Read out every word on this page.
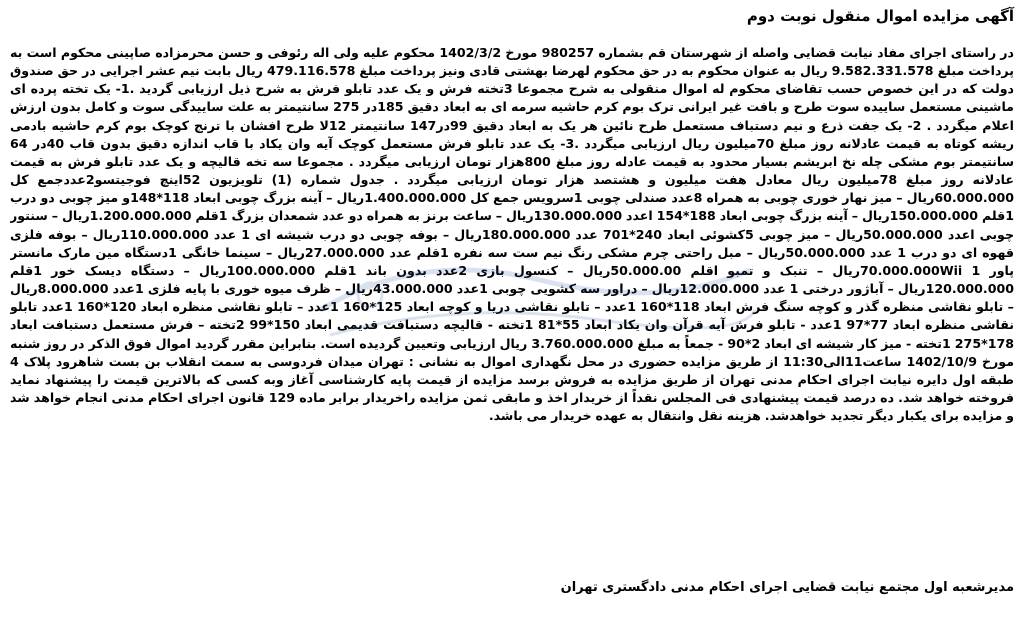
آگهی مزایده اموال منقول نوبت دوم

در راستای اجرای مفاد نیابت قضایی واصله از شهرستان قم بشماره 980257 مورخ 1402/3/2 محکوم علیه ولی اله رئوفی و حسن محرمزاده صاپینی محکوم است به پرداخت مبلغ 9.582.331.578 ریال به عنوان محکوم به در حق محکوم لهرضا بهشتی قادی ونیز پرداخت مبلغ 479.116.578 ریال بابت نیم عشر اجرایی در حق صندوق دولت که در این خصوص حسب تقاضای محکوم له اموال منقولی به شرح مجموعا 3تخته فرش و یک عدد تابلو فرش به شرح ذیل ارزیابی گردید .1- یک تخته پرده ای ماشینی مستعمل ساییده سوت طرح و بافت غیر ایرانی ترک بوم کرم حاشیه سرمه ای به ابعاد دقیق 185در 275 سانتیمتر به علت ساییدگی سوت و کامل بدون ارزش اعلام میگردد . 2- یک جفت ذرع و نیم دستباف مستعمل طرح نائین هر یک به ابعاد دقیق 99در147 سانتیمتر 12لا طرح افشان با ترنج کوچک بوم کرم حاشیه بادمی ریشه کوتاه به قیمت عادلانه روز مبلغ 70میلیون ریال ارزیابی میگردد .3- یک عدد تابلو فرش مستعمل کوچک آیه وان یکاد با قاب اندازه دقیق بدون قاب 40در 64 سانتیمتر بوم مشکی چله نخ ابریشم بسیار محدود به قیمت عادله روز مبلغ 800هزار تومان ارزیابی میگردد . مجموعا سه تخه قالیچه و یک عدد تابلو فرش به قیمت عادلانه روز مبلغ 78میلیون ریال معادل هفت میلیون و هشتصد هزار تومان ارزیابی میگردد . جدول شماره (1) تلویزیون 52اینچ فوجیتسو2عددجمع کل 60.000.000ریال – میز نهار خوری چوبی به همراه 8عدد صندلی چوبی 1سرویس جمع کل 1.400.000.000ریال – آینه بزرگ چوبی ابعاد 118*148و میز چوبی دو درب 1قلم 150.000.000ریال – آینه بزرگ چوبی ابعاد 188*154 اعدد 130.000.000ریال – ساعت برنز به همراه دو عدد شمعدان بزرگ 1قلم 1.200.000.000ریال – سنتور چوبی اعدد 50.000.000ریال – میز چوبی 5کشوئی ابعاد 240*701 عدد 180.000.000ریال – بوفه چوبی دو درب شیشه ای 1 عدد 110.000.000ریال – بوفه فلزی قهوه ای دو درب 1 عدد 50.000.000ریال – مبل راحتی چرم مشکی رنگ نیم ست سه نفره 1قلم عدد 27.000.000ریال – سینما خانگی 1دستگاه مین مارک مانستر پاور 1 70.000.000Wiiریال – تنبک و تمبو اقلم 50.000.00ریال – کنسول بازی 2عدد بدون باند 1قلم 100.000.000ریال – دستگاه دیسک خور 1قلم 120.000.000ریال – آباژور درختی 1 عدد 12.000.000ریال – دراور سه کشویی چوبی 1عدد 43.000.000ریال – ظرف میوه خوری با پایه فلزی 1عدد 8.000.000ریال – تابلو نقاشی منظره گذر و کوچه سنگ فرش ابعاد 118*160 1عدد – تابلو نقاشی دریا و کوچه ابعاد 125*160 1عدد – تابلو نقاشی منظره ابعاد 120*160 1عدد تابلو نقاشی منظره ابعاد 77*97 1عدد - تابلو فرش آیه قرآن وان یکاد ابعاد 55*81 1تخته - قالیچه دستبافت قدیمی ابعاد 150*99 2تخته – فرش مستعمل دستبافت ابعاد 178*275 1تخته - میز کار شیشه ای ابعاد 2*90 - جمعاً به مبلغ 3.760.000.000 ریال ارزیابی وتعیین گردیده است. بنابراین مقرر گردید اموال فوق الذکر در روز شنبه مورخ 1402/10/9 ساعت11الی11:30 از طریق مزایده حضوری در محل نگهداری اموال به نشانی : تهران میدان فردوسی به سمت انقلاب بن بست شاهرود پلاک 4 طبقه اول دایره نیابت اجرای احکام مدنی تهران از طریق مزایده به فروش برسد مزایده از قیمت پایه کارشناسی آغاز وبه کسی که بالاترین قیمت را پیشنهاد نماید فروخته خواهد شد. ده درصد قیمت پیشنهادی فی المجلس نقداً از خریدار اخذ و مابقی ثمن مزایده راخریدار برابر ماده 129 قانون اجرای احکام مدنی انجام خواهد شد و مزایده برای یکبار دیگر تجدید خواهدشد. هزینه نقل وانتقال به عهده خریدار می باشد.

مدیرشعبه اول مجتمع نیابت قضایی اجرای احکام مدنی دادگستری تهران
